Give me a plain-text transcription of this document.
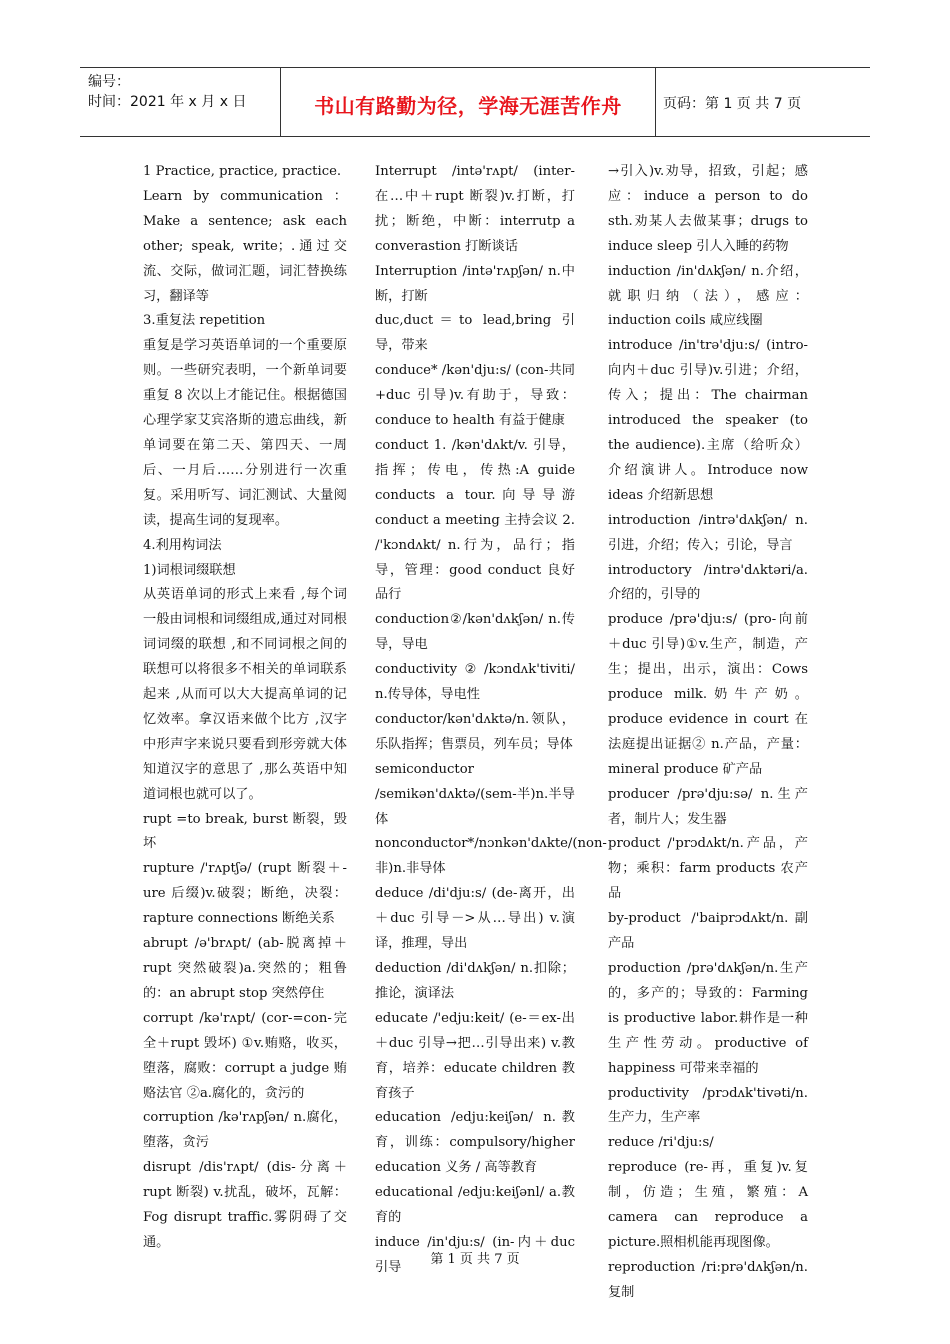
编号：
时间：2021 年 x 月 x 日	书山有路勤为径，学海无涯苦作舟	页码：第 1 页 共 7 页

1 Practice, practice, practice.

Learn by communication ：Make a sentence; ask each other; speak, write；.通过交流、交际，做词汇题，词汇替换练习，翻译等

3.重复法 repetition

重复是学习英语单词的一个重要原则。一些研究表明，一个新单词要重复 8 次以上才能记住。根据德国心理学家艾宾洛斯的遗忘曲线，新单词要在第二天、第四天、一周后、一月后……分别进行一次重复。采用听写、词汇测试、大量阅读，提高生词的复现率。

4.利用构词法

1)词根词缀联想

从英语单词的形式上来看 ,每个词一般由词根和词缀组成,通过对同根词词缀的联想 ,和不同词根之间的联想可以将很多不相关的单词联系起来 ,从而可以大大提高单词的记忆效率。拿汉语来做个比方 ,汉字中形声字来说只要看到形旁就大体知道汉字的意思了 ,那么英语中知道词根也就可以了。

rupt =to break, burst 断裂，毁坏

rupture /'rʌptʃə/ (rupt 断裂＋-ure 后缀)v.破裂；断绝，决裂：rapture connections 断绝关系

abrupt /ə'brʌpt/ (ab-脱离掉＋rupt 突然破裂)a.突然的；粗鲁的：an abrupt stop 突然停住

corrupt /kə'rʌpt/ (cor-=con-完全＋rupt 毁坏) ①v.贿赂，收买，堕落，腐败：corrupt a judge 贿赂法官 ②a.腐化的，贪污的

corruption /kə'rʌpʃən/ n.腐化，堕落，贪污

disrupt /dis'rʌpt/ (dis-分离＋rupt 断裂) v.扰乱，破坏，瓦解：Fog disrupt traffic.雾阴碍了交通。

Interrupt /intə'rʌpt/ (inter-在…中＋rupt 断裂)v.打断，打扰；断绝，中断：interrutp a converastion 打断谈话

Interruption /intə'rʌpʃən/ n.中断，打断

duc,duct＝to lead,bring 引导，带来

conduce* /kən'dju:s/ (con-共同+duc 引导)v.有助于，导致：conduce to health 有益于健康

conduct 1. /kən'dʌkt/v. 引导，指挥；传电，传热:A guide conducts a tour.向导导游 conduct a meeting 主持会议 2. /'kɔndʌkt/ n.行为，品行；指导，管理：good conduct 良好品行

conduction②/kən'dʌkʃən/ n.传导，导电

conductivity②/kɔndʌk'tiviti/ n.传导体，导电性

conductor/kən'dʌktə/n.领队，乐队指挥；售票员，列车员；导体

semiconductor

/semikən'dʌktə/(sem-半)n.半导体

nonconductor*/nɔnkən'dʌkte/(non-非)n.非导体

deduce /di'dju:s/ (de-离开，出＋duc 引导－>从…导出) v.演译，推理，导出

deduction /di'dʌkʃən/ n.扣除；推论，演译法

educate /'edju:keit/ (e-＝ex-出＋duc 引导→把…引导出来) v.教育，培养：educate children 教育孩子

education /edju:keiʃən/ n.教育，训练：compulsory/higher education 义务 / 高等教育

educational /edju:keiʃənl/ a.教育的

induce /in'dju:s/ (in-内＋duc 引导

→引入)v.劝导，招致，引起；感应：induce a person to do sth.劝某人去做某事；drugs to induce sleep 引人入睡的药物

induction /in'dʌkʃən/ n.介绍，就职归纳（法），感应：induction coils 咸应线圈

introduce /in'trə'dju:s/ (intro-向内＋duc 引导)v.引进；介绍，传入；提出：The chairman introduced the speaker (to the audience).主席（给听众）介绍演讲人。Introduce now ideas 介绍新思想

introduction /intrə'dʌkʃən/ n.引进，介绍；传入；引论，导言

introductory /intrə'dʌktəri/a.介绍的，引导的

produce /prə'dju:s/ (pro-向前＋duc 引导)①v.生产，制造，产生；提出，出示，演出：Cows produce milk.奶牛产奶。produce evidence in court 在法庭提出证据② n.产品，产量：mineral produce 矿产品

producer /prə'dju:sə/ n.生产者，制片人；发生器

product /'prɔdʌkt/n.产品，产物；乘积：farm products 农产品

by-product /'baiprɔdʌkt/n.副产品

production /prə'dʌkʃən/n.生产的，多产的；导致的：Farming is productive labor.耕作是一种生产性劳动。productive of happiness 可带来幸福的

productivity /prɔdʌk'tivəti/n.生产力，生产率

reduce /ri'dju:s/

reproduce (re-再，重复)v.复制，仿造；生殖，繁殖：A camera can reproduce a picture.照相机能再现图像。

reproduction /ri:prə'dʌkʃən/n.复制

第 1 页 共 7 页
